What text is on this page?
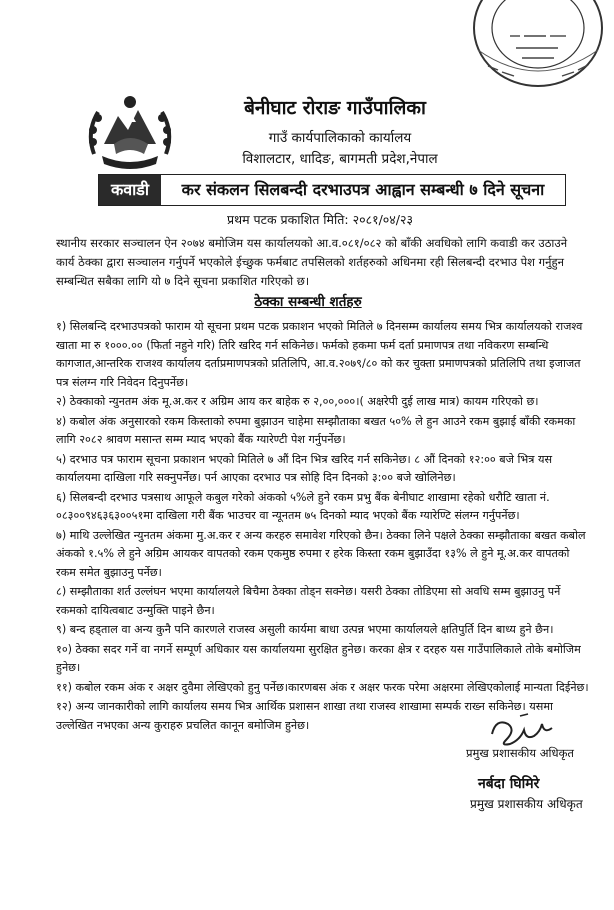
बेनीघाट रोराङ गाउँपालिका
गाउँ कार्यपालिकाको कार्यालय
विशालटार, धादिङ, बागमती प्रदेश,नेपाल
कवाडी	कर संकलन सिलबन्दी दरभाउपत्र आह्वान सम्बन्धी ७ दिने सूचना
प्रथम पटक प्रकाशित मिति: २०८१/०४/२३
स्थानीय सरकार सञ्चालन ऐन २०७४ बमोजिम यस कार्यालयको आ.व.०८१/०८२ को बाँकी अवधिको लागि कवाडी कर उठाउने कार्य ठेक्का द्वारा सञ्चालन गर्नुपर्ने भएकोले ईच्छुक फर्मबाट तपसिलको शर्तहरुको अधिनमा रही सिलबन्दी दरभाउ पेश गर्नुहुन सम्बन्धित सबैका लागि यो ७ दिने सूचना प्रकाशित गरिएको छ।
ठेक्का सम्बन्धी शर्तहरु

१) सिलबन्दि दरभाउपत्रको फाराम यो सूचना प्रथम पटक प्रकाशन भएको मितिले ७ दिनसम्म कार्यालय समय भित्र कार्यालयको राजश्व खाता मा रु १०००.०० (फिर्ता नहुने गरि) तिरि खरिद गर्न सकिनेछ। फर्मको हकमा फर्म दर्ता प्रमाणपत्र तथा नविकरण सम्बन्धि कागजात,आन्तरिक राजश्व कार्यालय दर्ताप्रमाणपत्रको प्रतिलिपि, आ.व.२०७९/८० को कर चुक्ता प्रमाणपत्रको प्रतिलिपि तथा इजाजत पत्र संलग्न गरि निवेदन दिनुपर्नेछ।

२) ठेक्काको न्युनतम अंक मू.अ.कर र अग्रिम आय कर बाहेक रु २,००,०००।( अक्षरेपी दुई लाख मात्र) कायम गरिएको छ।

४) कबोल अंक अनुसारको रकम किस्ताको रुपमा बुझाउन चाहेमा सम्झौताका बखत ५०% ले हुन आउने रकम बुझाई बाँकी रकमका लागि २०८२ श्रावण मसान्त सम्म म्याद भएको बैंक ग्यारेण्टी पेश गर्नुपर्नेछ।

५) दरभाउ पत्र फाराम सूचना प्रकाशन भएको मितिले ७ औं दिन भित्र खरिद गर्न सकिनेछ। ८ औं दिनको १२:०० बजे भित्र यस कार्यालयमा दाखिला गरि सक्नुपर्नेछ। पर्न आएका दरभाउ पत्र सोहि दिन दिनको ३:०० बजे खोलिनेछ।

६) सिलबन्दी दरभाउ पत्रसाथ आफूले कबुल गरेको अंकको ५%ले हुने रकम प्रभु बैंक बेनीघाट शाखामा रहेको धरौटि खाता नं. ०८३००९४६३६३००५१मा दाखिला गरी बैंक भाउचर वा न्यूनतम ७५ दिनको म्याद भएको बैंक ग्यारेण्टि संलग्न गर्नुपर्नेछ।

७) माथि उल्लेखित न्युनतम अंकमा मु.अ.कर र अन्य करहरु समावेश गरिएको छैन। ठेक्का लिने पक्षले ठेक्का सम्झौताका बखत कबोल अंकको १.५% ले हुने अग्रिम आयकर वापतको रकम एकमुष्ठ रुपमा र हरेक किस्ता रकम बुझाउँदा १३% ले हुने मू.अ.कर वापतको रकम समेत बुझाउनु पर्नेछ।

८) सम्झौताका शर्त उल्लंघन भएमा कार्यालयले बिचैमा ठेक्का तोड्न सक्नेछ। यसरी ठेक्का तोडिएमा सो अवधि सम्म बुझाउनु पर्ने रकमको दायित्वबाट उन्मुक्ति पाइने छैन।

९) बन्द हड्ताल वा अन्य कुनै पनि कारणले राजस्व असुली कार्यमा बाधा उत्पन्न भएमा कार्यालयले क्षतिपुर्ति दिन बाध्य हुने छैन।

१०) ठेक्का सदर गर्ने वा नगर्ने सम्पूर्ण अधिकार यस कार्यालयमा सुरक्षित हुनेछ। करका क्षेत्र र दरहरु यस गाउँपालिकाले तोके बमोजिम हुनेछ।

११) कबोल रकम अंक र अक्षर दुवैमा लेखिएको हुनु पर्नेछ।कारणबस अंक र अक्षर फरक परेमा अक्षरमा लेखिएकोलाई मान्यता दिईनेछ।

१२) अन्य जानकारीको लागि कार्यालय समय भित्र आर्थिक प्रशासन शाखा तथा राजस्व शाखामा सम्पर्क राख्न सकिनेछ। यसमा उल्लेखित नभएका अन्य कुराहरु प्रचलित कानून बमोजिम हुनेछ।

प्रमुख प्रशासकीय अधिकृत
नर्बदा घिमिरे
प्रमुख प्रशासकीय अधिकृत
